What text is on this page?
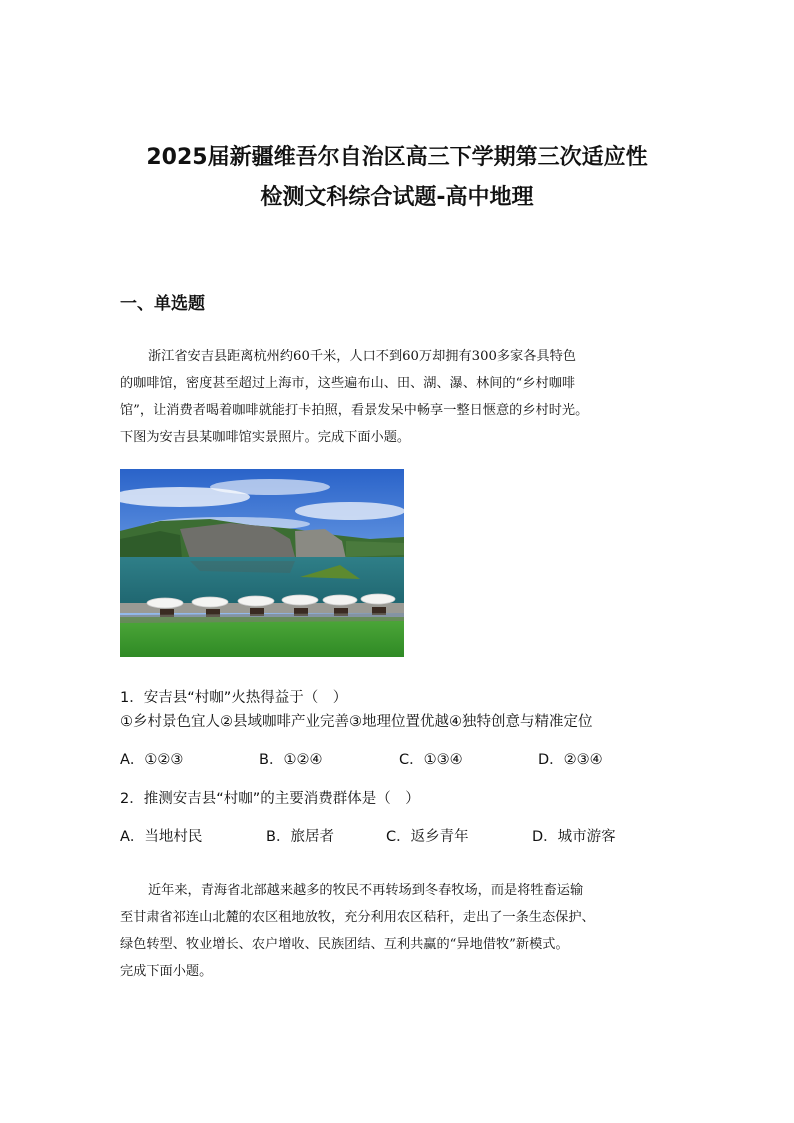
2025届新疆维吾尔自治区高三下学期第三次适应性
检测文科综合试题-高中地理
一、单选题
浙江省安吉县距离杭州约60千米，人口不到60万却拥有300多家各具特色
的咖啡馆，密度甚至超过上海市，这些遍布山、田、湖、瀑、林间的“乡村咖啡
馆”，让消费者喝着咖啡就能打卡拍照，看景发呆中畅享一整日惬意的乡村时光。
下图为安吉县某咖啡馆实景照片。完成下面小题。
1．安吉县“村咖”火热得益于（　）
①乡村景色宜人②县域咖啡产业完善③地理位置优越④独特创意与精准定位
A．①②③	B．①②④	C．①③④	D．②③④
2．推测安吉县“村咖”的主要消费群体是（　）
A．当地村民	B．旅居者	C．返乡青年	D．城市游客
近年来，青海省北部越来越多的牧民不再转场到冬春牧场，而是将牲畜运输
至甘肃省祁连山北麓的农区租地放牧，充分利用农区秸秆，走出了一条生态保护、
绿色转型、牧业增长、农户增收、民族团结、互利共赢的“异地借牧”新模式。
完成下面小题。
